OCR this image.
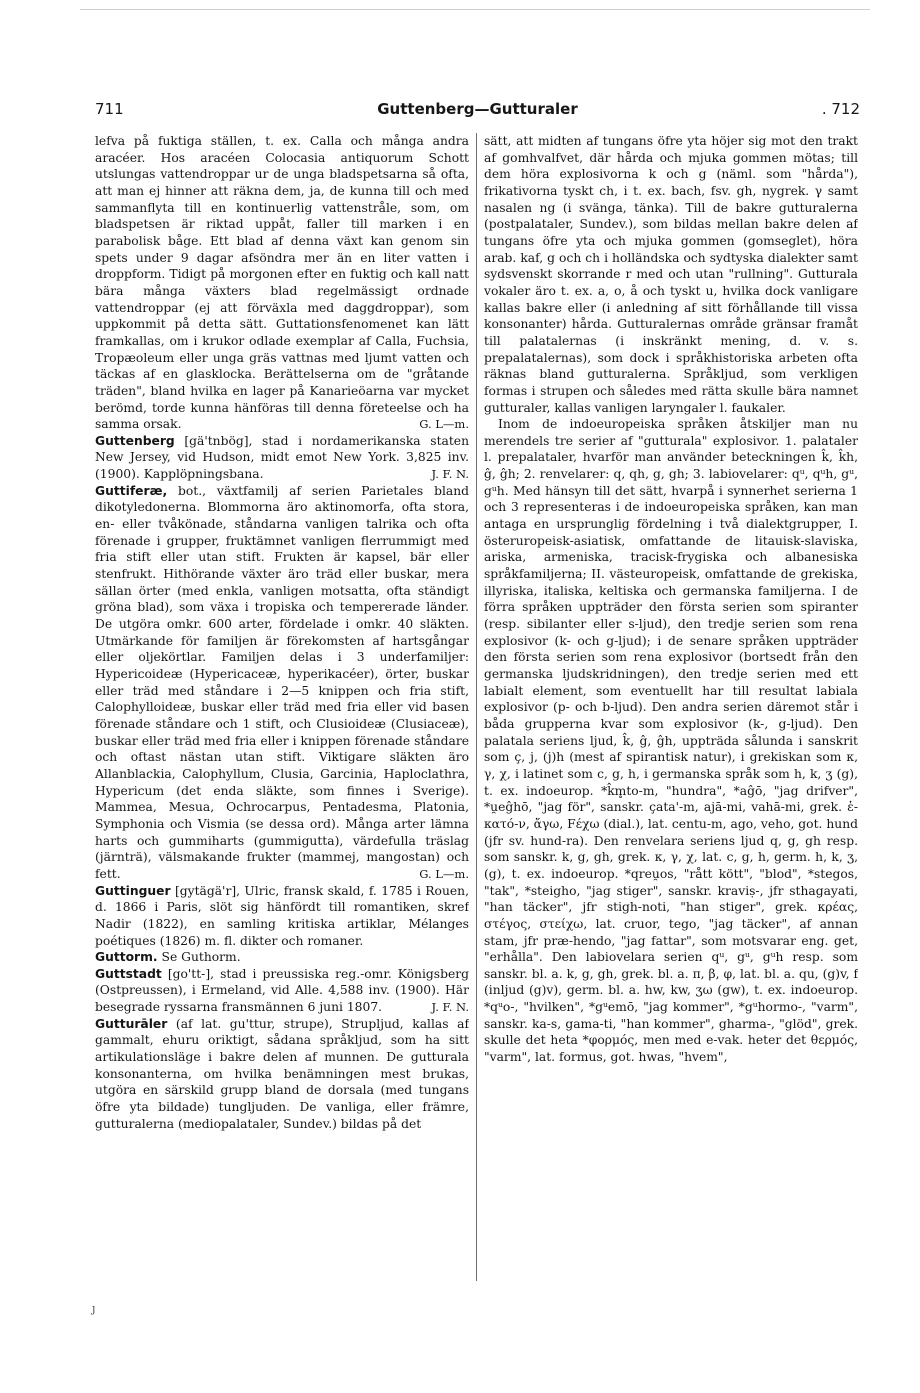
711	Guttenberg—Gutturaler	. 712

lefva på fuktiga ställen, t. ex. Calla och många andra aracéer. Hos aracéen Colocasia antiquorum Schott utslungas vattendroppar ur de unga bladspetsarna så ofta, att man ej hinner att räkna dem, ja, de kunna till och med sammanflyta till en kontinuerlig vattenstråle, som, om bladspetsen är riktad uppåt, faller till marken i en parabolisk båge. Ett blad af denna växt kan genom sin spets under 9 dagar afsöndra mer än en liter vatten i droppform. Tidigt på morgonen efter en fuktig och kall natt bära många växters blad regelmässigt ordnade vattendroppar (ej att förväxla med daggdroppar), som uppkommit på detta sätt. Guttationsfenomenet kan lätt framkallas, om i krukor odlade exemplar af Calla, Fuchsia, Tropæoleum eller unga gräs vattnas med ljumt vatten och täckas af en glasklocka. Berättelserna om de "gråtande träden", bland hvilka en lager på Kanarieöarna var mycket berömd, torde kunna hänföras till denna företeelse och ha samma orsak.	G. L—m.

Guttenberg [gä'tnbög], stad i nordamerikanska staten New Jersey, vid Hudson, midt emot New York. 3,825 inv. (1900). Kapplöpningsbana.	J. F. N.

Guttiferæ, bot., växtfamilj af serien Parietales bland dikotyledonerna. Blommorna äro aktinomorfa, ofta stora, en- eller tvåkönade, ståndarna vanligen talrika och ofta förenade i grupper, fruktämnet vanligen flerrummigt med fria stift eller utan stift. Frukten är kapsel, bär eller stenfrukt. Hithörande växter äro träd eller buskar, mera sällan örter (med enkla, vanligen motsatta, ofta ständigt gröna blad), som växa i tropiska och tempererade länder. De utgöra omkr. 600 arter, fördelade i omkr. 40 släkten. Utmärkande för familjen är förekomsten af hartsgångar eller oljekörtlar. Familjen delas i 3 underfamiljer: Hypericoideæ (Hypericaceæ, hyperikacéer), örter, buskar eller träd med ståndare i 2—5 knippen och fria stift, Calophylloideæ, buskar eller träd med fria eller vid basen förenade ståndare och 1 stift, och Clusioideæ (Clusiaceæ), buskar eller träd med fria eller i knippen förenade ståndare och oftast nästan utan stift. Viktigare släkten äro Allanblackia, Calophyllum, Clusia, Garcinia, Haploclathra, Hypericum (det enda släkte, som finnes i Sverige). Mammea, Mesua, Ochrocarpus, Pentadesma, Platonia, Symphonia och Vismia (se dessa ord). Många arter lämna harts och gummiharts (gummigutta), värdefulla träslag (järnträ), välsmakande frukter (mammej, mangostan) och fett.	G. L—m.

Guttinguer [gytägä'r], Ulric, fransk skald, f. 1785 i Rouen, d. 1866 i Paris, slöt sig hänfördt till romantiken, skref Nadir (1822), en samling kritiska artiklar, Mélanges poétiques (1826) m. fl. dikter och romaner.

Guttorm. Se Guthorm.

Guttstadt [go'tt-], stad i preussiska reg.-omr. Königsberg (Ostpreussen), i Ermeland, vid Alle. 4,588 inv. (1900). Här besegrade ryssarna fransmännen 6 juni 1807.	J. F. N.

Gutturāler (af lat. gu'ttur, strupe), Strupljud, kallas af gammalt, ehuru oriktigt, sådana språkljud, som ha sitt artikulationsläge i bakre delen af munnen. De gutturala konsonanterna, om hvilka benämningen mest brukas, utgöra en särskild grupp bland de dorsala (med tungans öfre yta bildade) tungljuden. De vanliga, eller främre, gutturalerna (mediopalataler, Sundev.) bildas på det

sätt, att midten af tungans öfre yta höjer sig mot den trakt af gomhvalfvet, där hårda och mjuka gommen mötas; till dem höra explosivorna k och g (näml. som "hårda"), frikativorna tyskt ch, i t. ex. bach, fsv. gh, nygrek. γ samt nasalen ng (i svänga, tänka). Till de bakre gutturalerna (postpalataler, Sundev.), som bildas mellan bakre delen af tungans öfre yta och mjuka gommen (gomseglet), höra arab. kaf, g och ch i holländska och sydtyska dialekter samt sydsvenskt skorrande r med och utan "rullning". Gutturala vokaler äro t. ex. a, o, å och tyskt u, hvilka dock vanligare kallas bakre eller (i anledning af sitt förhållande till vissa konsonanter) hårda. Gutturalernas område gränsar framåt till palatalernas (i inskränkt mening, d. v. s. prepalatalernas), som dock i språkhistoriska arbeten ofta räknas bland gutturalerna. Språkljud, som verkligen formas i strupen och således med rätta skulle bära namnet gutturaler, kallas vanligen laryngaler l. faukaler.

Inom de indoeuropeiska språken åtskiljer man nu merendels tre serier af "gutturala" explosivor. 1. palataler l. prepalataler, hvarför man använder beteckningen k̂, k̂h, ĝ, ĝh; 2. renvelarer: q, qh, g, gh; 3. labiovelarer: qᵘ, qᵘh, gᵘ, gᵘh. Med hänsyn till det sätt, hvarpå i synnerhet serierna 1 och 3 representeras i de indoeuropeiska språken, kan man antaga en ursprunglig fördelning i två dialektgrupper, I. österuropeisk-asiatisk, omfattande de litauisk-slaviska, ariska, armeniska, tracisk-frygiska och albanesiska språkfamiljerna; II. västeuropeisk, omfattande de grekiska, illyriska, italiska, keltiska och germanska familjerna. I de förra språken uppträder den första serien som spiranter (resp. sibilanter eller s-ljud), den tredje serien som rena explosivor (k- och g-ljud); i de senare språken uppträder den första serien som rena explosivor (bortsedt från den germanska ljudskridningen), den tredje serien med ett labialt element, som eventuellt har till resultat labiala explosivor (p- och b-ljud). Den andra serien däremot står i båda grupperna kvar som explosivor (k-, g-ljud). Den palatala seriens ljud, k̂, ĝ, ĝh, uppträda sålunda i sanskrit som ç, j, (j)h (mest af spirantisk natur), i grekiskan som κ, γ, χ, i latinet som c, g, h, i germanska språk som h, k, ʒ (g), t. ex. indoeurop. *k̂m̥to-m, "hundra", *aĝō, "jag drifver", *u̯eĝhō, "jag för", sanskr. çata'-m, ajā-mi, vahā-mi, grek. ἑ-κατό-ν, ἄγω, Fέχω (dial.), lat. centu-m, ago, veho, got. hund (jfr sv. hund-ra). Den renvelara seriens ljud q, g, gh resp. som sanskr. k, g, gh, grek. κ, γ, χ, lat. c, g, h, germ. h, k, ʒ, (g), t. ex. indoeurop. *qreu̯os, "rått kött", "blod", *stegos, "tak", *steigho, "jag stiger", sanskr. kraviṣ-, jfr sthagayati, "han täcker", jfr stigh-noti, "han stiger", grek. κρέας, στέγος, στείχω, lat. cruor, tego, "jag täcker", af annan stam, jfr præ-hendo, "jag fattar", som motsvarar eng. get, "erhålla". Den labiovelara serien qᵘ, gᵘ, gᵘh resp. som sanskr. bl. a. k, g, gh, grek. bl. a. π, β, φ, lat. bl. a. qu, (g)v, f (inljud (g)v), germ. bl. a. hw, kw, ʒω (gw), t. ex. indoeurop. *qᵘo-, "hvilken", *gᵘemō, "jag kommer", *gᵘhormo-, "varm", sanskr. ka-s, gama-ti, "han kommer", gharma-, "glöd", grek. skulle det heta *φορμός, men med e-vak. heter det θερμός, "varm", lat. formus, got. hwas, "hvem",

ȷ
